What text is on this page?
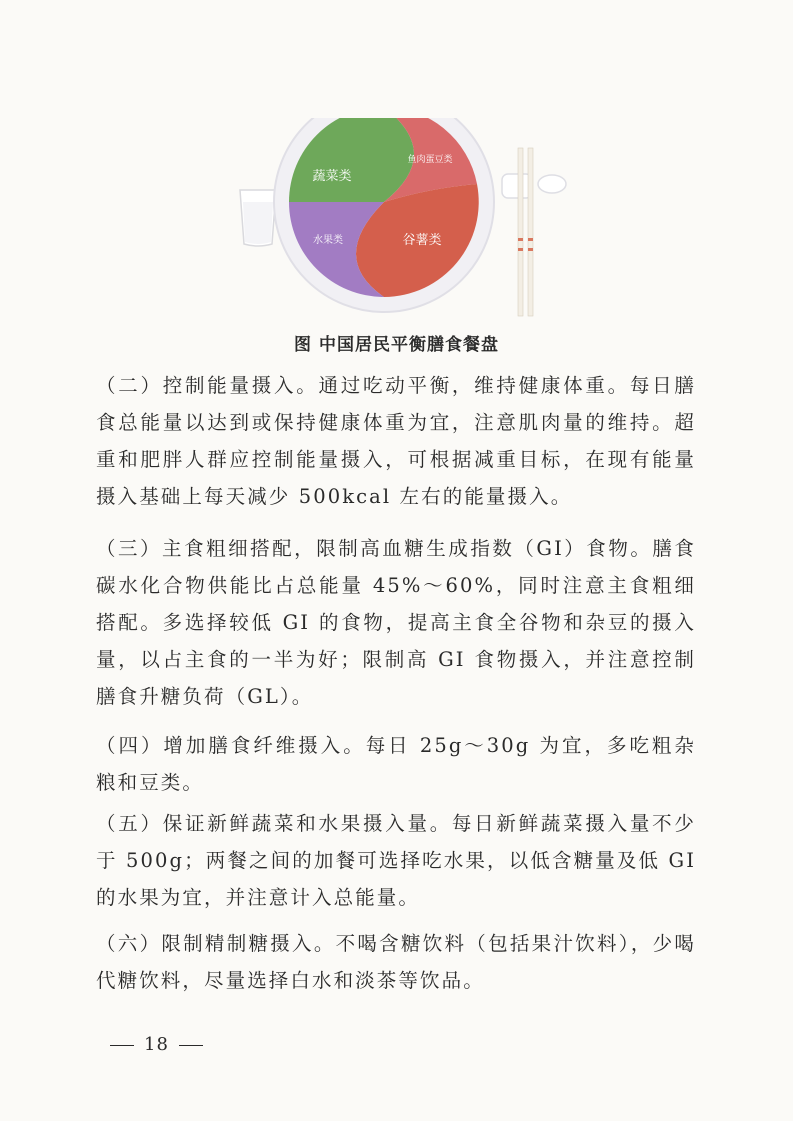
蔬菜类
鱼肉蛋豆类
水果类	谷薯类
图 中国居民平衡膳食餐盘

（二）控制能量摄入。通过吃动平衡，维持健康体重。每日膳食总能量以达到或保持健康体重为宜，注意肌肉量的维持。超重和肥胖人群应控制能量摄入，可根据减重目标，在现有能量摄入基础上每天减少 500kcal 左右的能量摄入。

（三）主食粗细搭配，限制高血糖生成指数（GI）食物。膳食碳水化合物供能比占总能量 45%～60%，同时注意主食粗细搭配。多选择较低 GI 的食物，提高主食全谷物和杂豆的摄入量，以占主食的一半为好；限制高 GI 食物摄入，并注意控制膳食升糖负荷（GL）。

（四）增加膳食纤维摄入。每日 25g～30g 为宜，多吃粗杂粮和豆类。

（五）保证新鲜蔬菜和水果摄入量。每日新鲜蔬菜摄入量不少于 500g；两餐之间的加餐可选择吃水果，以低含糖量及低 GI 的水果为宜，并注意计入总能量。

（六）限制精制糖摄入。不喝含糖饮料（包括果汁饮料），少喝代糖饮料，尽量选择白水和淡茶等饮品。

18
